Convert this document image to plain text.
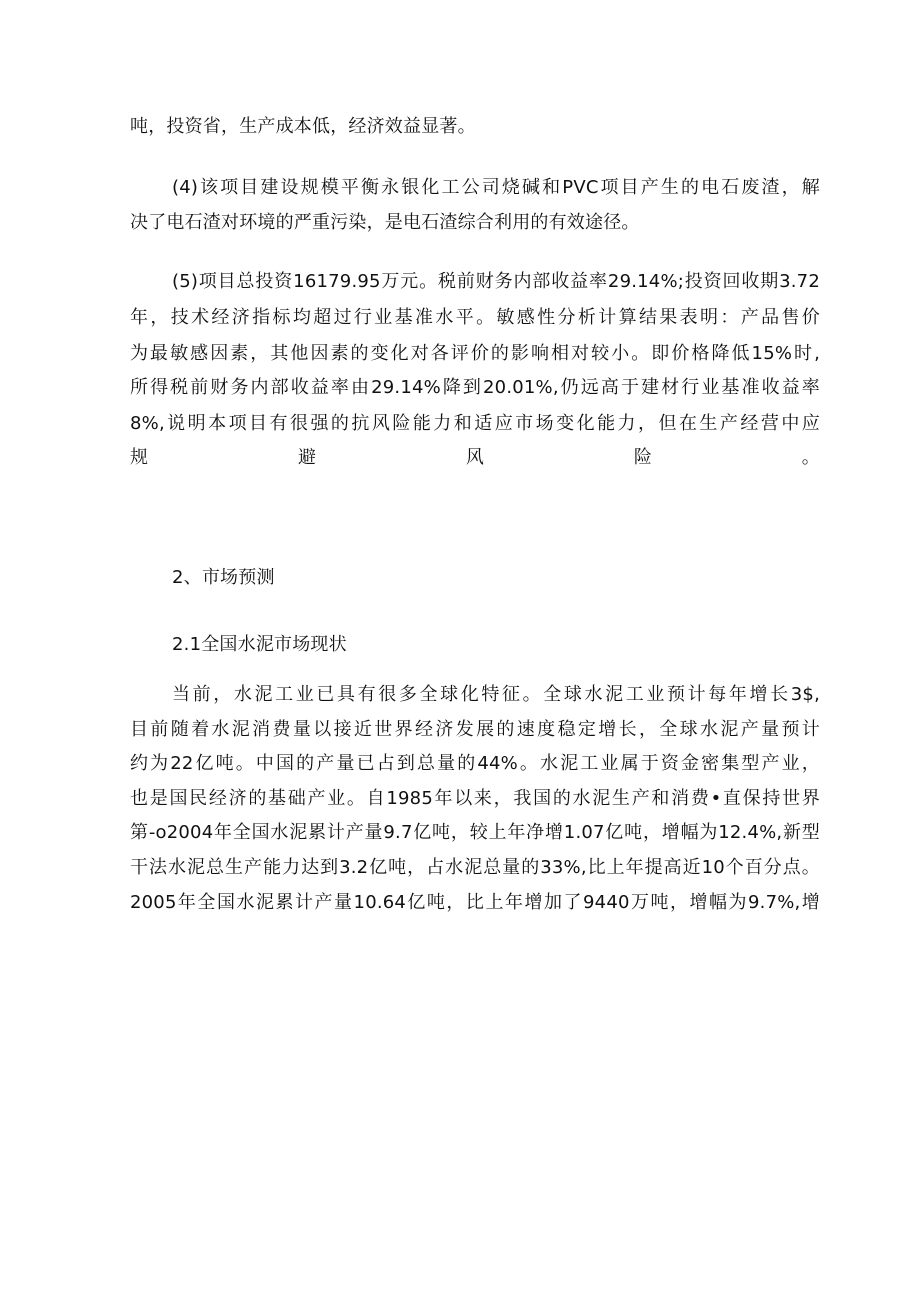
吨，投资省，生产成本低，经济效益显著。
(4)该项目建设规模平衡永银化工公司烧碱和PVC项目产生的电石废渣，解
决了电石渣对环境的严重污染，是电石渣综合利用的有效途径。
(5)项目总投资16179.95万元。税前财务内部收益率29.14%;投资回收期3.72
年，技术经济指标均超过行业基准水平。敏感性分析计算结果表明：产品售价
为最敏感因素，其他因素的变化对各评价的影响相对较小。即价格降低15%时,
所得税前财务内部收益率由29.14%降到20.01%,仍远高于建材行业基准收益率
8%,说明本项目有很强的抗风险能力和适应市场变化能力，但在生产经营中应
规避风险。
2、市场预测
2.1全国水泥市场现状
当前，水泥工业已具有很多全球化特征。全球水泥工业预计每年增长3$,
目前随着水泥消费量以接近世界经济发展的速度稳定增长，全球水泥产量预计
约为22亿吨。中国的产量已占到总量的44%。水泥工业属于资金密集型产业，
也是国民经济的基础产业。自1985年以来，我国的水泥生产和消费•直保持世界
第-o2004年全国水泥累计产量9.7亿吨，较上年净增1.07亿吨，增幅为12.4%,新型
干法水泥总生产能力达到3.2亿吨，占水泥总量的33%,比上年提高近10个百分点。
2005年全国水泥累计产量10.64亿吨，比上年增加了9440万吨，增幅为9.7%,增
